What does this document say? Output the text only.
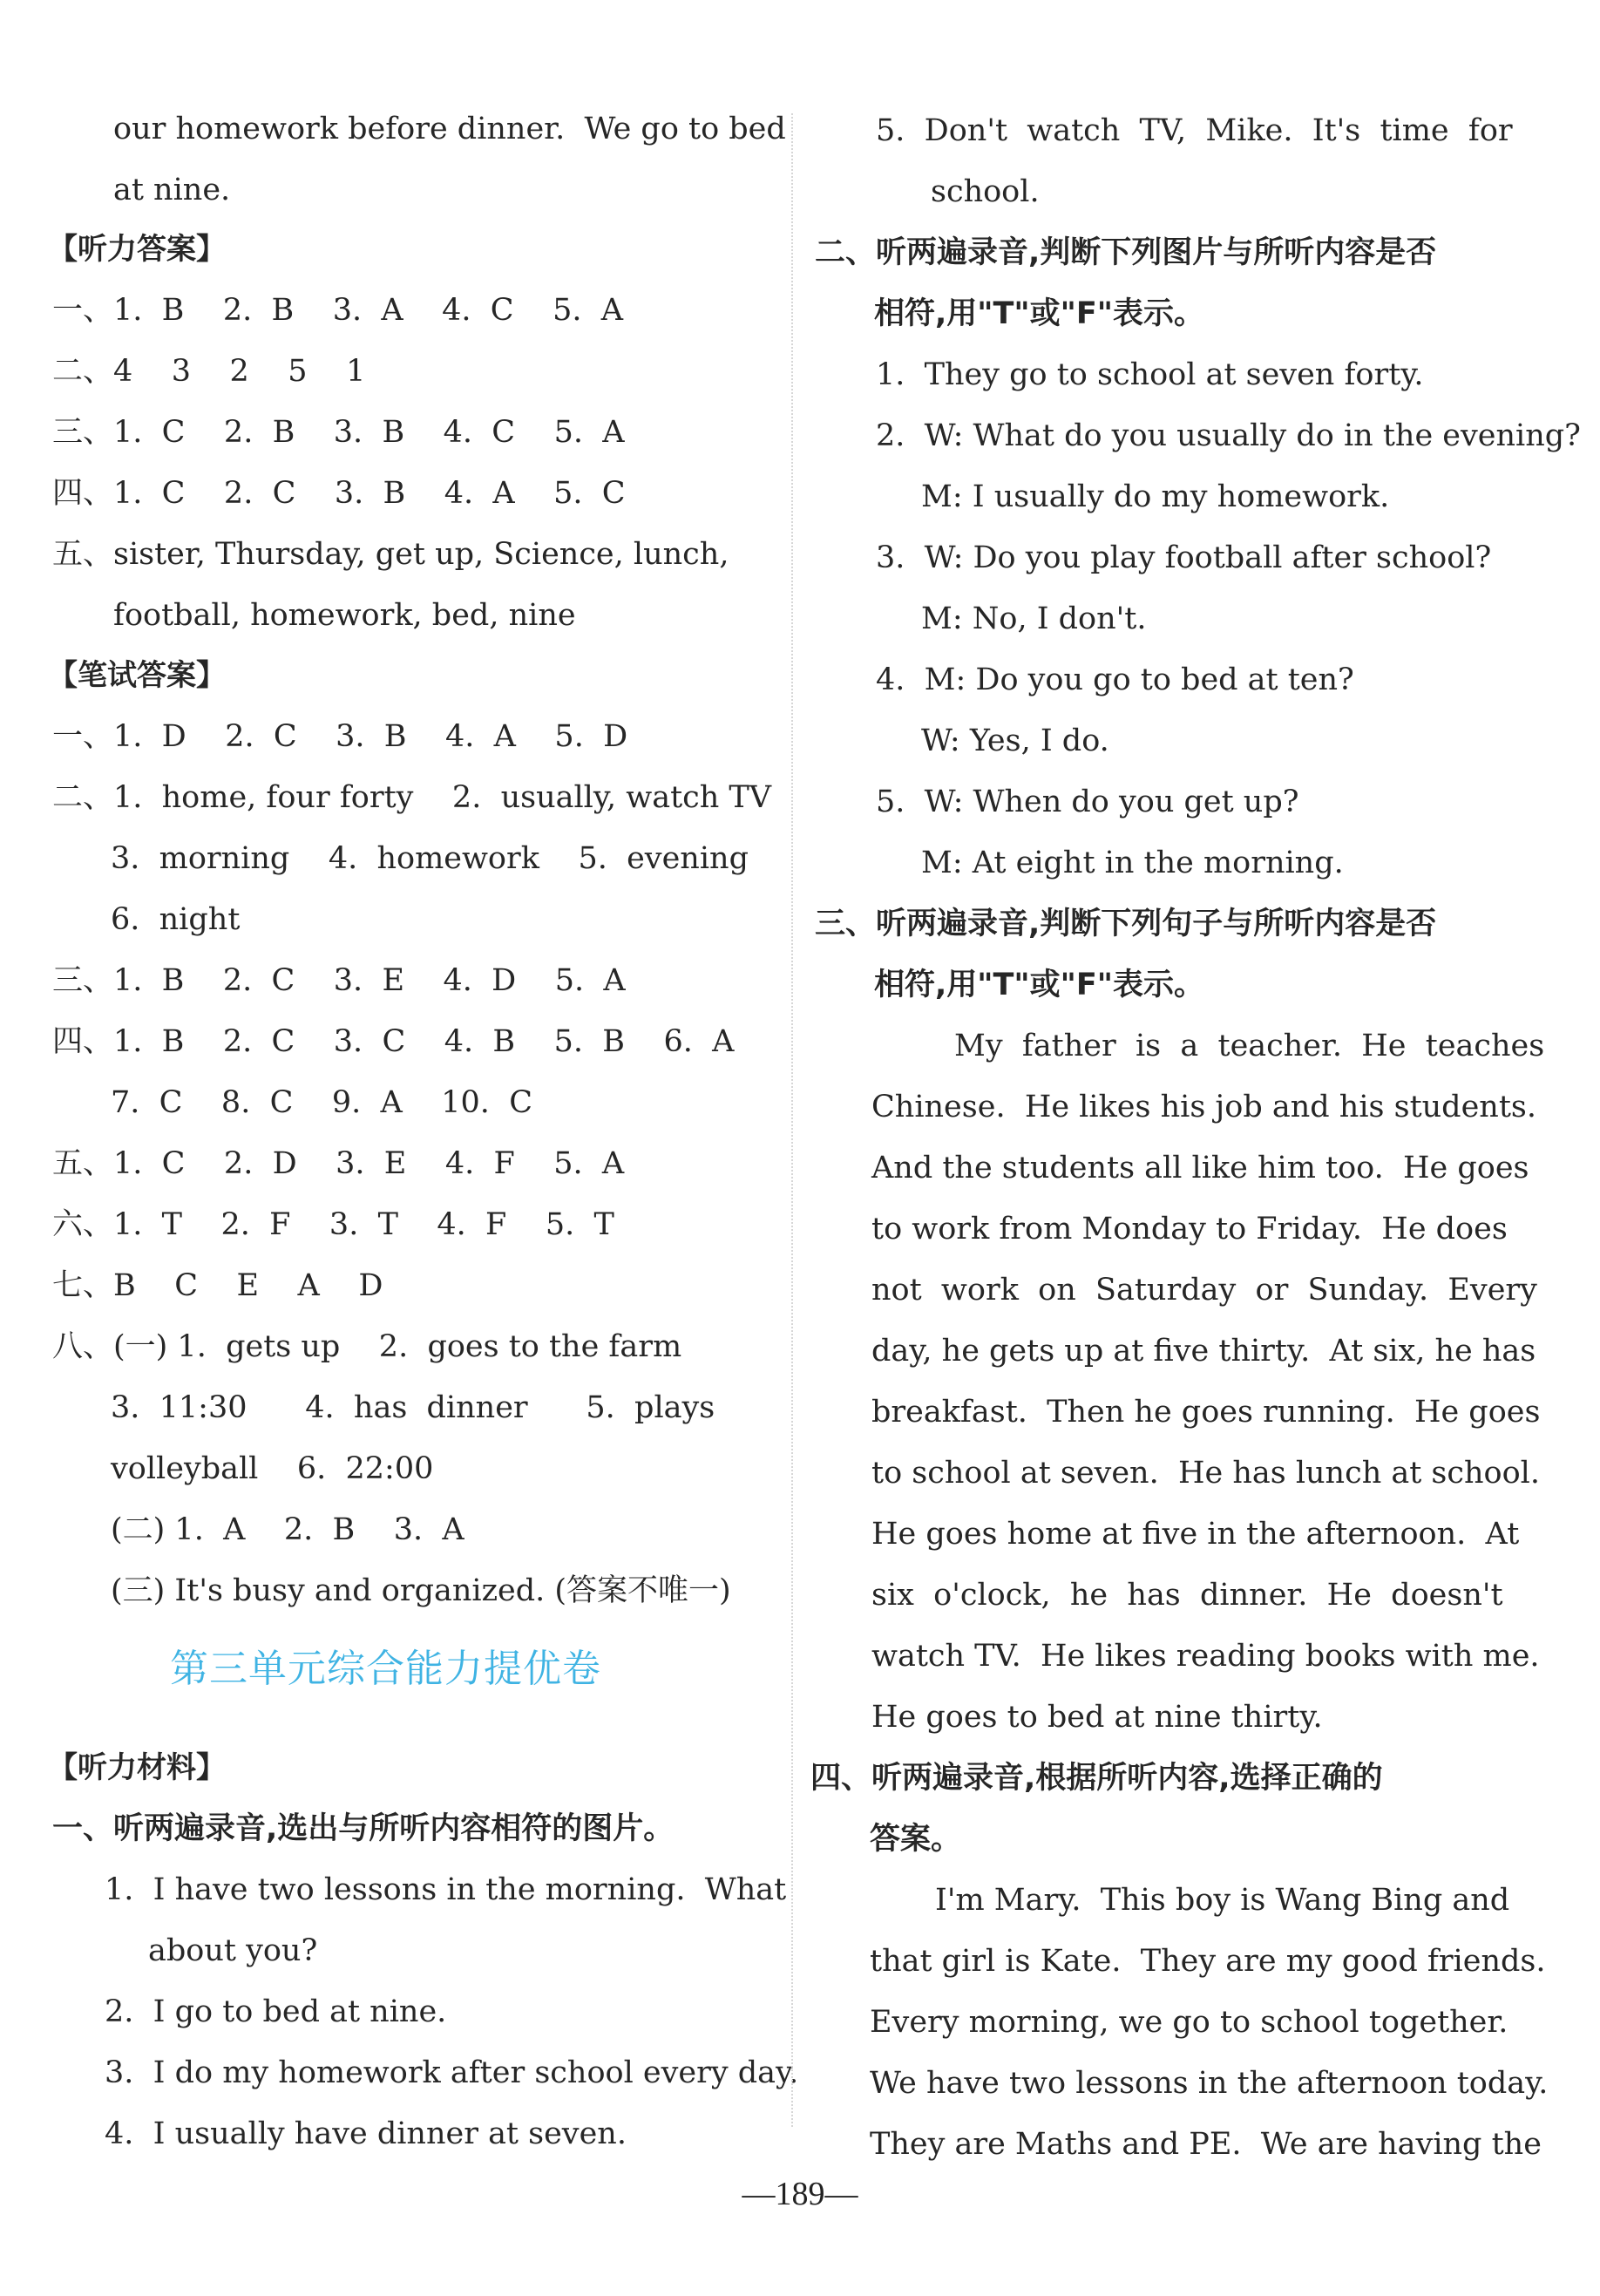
our homework before dinner.  We go to bed
at nine.
【听力答案】
一、1.  B    2.  B    3.  A    4.  C    5.  A
二、4    3    2    5    1
三、1.  C    2.  B    3.  B    4.  C    5.  A
四、1.  C    2.  C    3.  B    4.  A    5.  C
五、sister, Thursday, get up, Science, lunch,
football, homework, bed, nine
【笔试答案】
一、1.  D    2.  C    3.  B    4.  A    5.  D
二、1.  home, four forty    2.  usually, watch TV
3.  morning    4.  homework    5.  evening
6.  night
三、1.  B    2.  C    3.  E    4.  D    5.  A
四、1.  B    2.  C    3.  C    4.  B    5.  B    6.  A
7.  C    8.  C    9.  A    10.  C
五、1.  C    2.  D    3.  E    4.  F    5.  A
六、1.  T    2.  F    3.  T    4.  F    5.  T
七、B    C    E    A    D
八、(一) 1.  gets up    2.  goes to the farm
3.  11:30      4.  has  dinner      5.  plays
volleyball    6.  22:00
(二) 1.  A    2.  B    3.  A
(三) It's busy and organized. (答案不唯一)
第三单元综合能力提优卷
【听力材料】
一、听两遍录音,选出与所听内容相符的图片。
1.  I have two lessons in the morning.  What
about you?
2.  I go to bed at nine.
3.  I do my homework after school every day.
4.  I usually have dinner at seven.
5.  Don't  watch  TV,  Mike.  It's  time  for
school.
二、听两遍录音,判断下列图片与所听内容是否
相符,用"T"或"F"表示。
1.  They go to school at seven forty.
2.  W: What do you usually do in the evening?
M: I usually do my homework.
3.  W: Do you play football after school?
M: No, I don't.
4.  M: Do you go to bed at ten?
W: Yes, I do.
5.  W: When do you get up?
M: At eight in the morning.
三、听两遍录音,判断下列句子与所听内容是否
相符,用"T"或"F"表示。
My  father  is  a  teacher.  He  teaches
Chinese.  He likes his job and his students.
And the students all like him too.  He goes
to work from Monday to Friday.  He does
not  work  on  Saturday  or  Sunday.  Every
day, he gets up at five thirty.  At six, he has
breakfast.  Then he goes running.  He goes
to school at seven.  He has lunch at school.
He goes home at five in the afternoon.  At
six  o'clock,  he  has  dinner.  He  doesn't
watch TV.  He likes reading books with me.
He goes to bed at nine thirty.
四、听两遍录音,根据所听内容,选择正确的
答案。
I'm Mary.  This boy is Wang Bing and
that girl is Kate.  They are my good friends.
Every morning, we go to school together.
We have two lessons in the afternoon today.
They are Maths and PE.  We are having the
—189—
